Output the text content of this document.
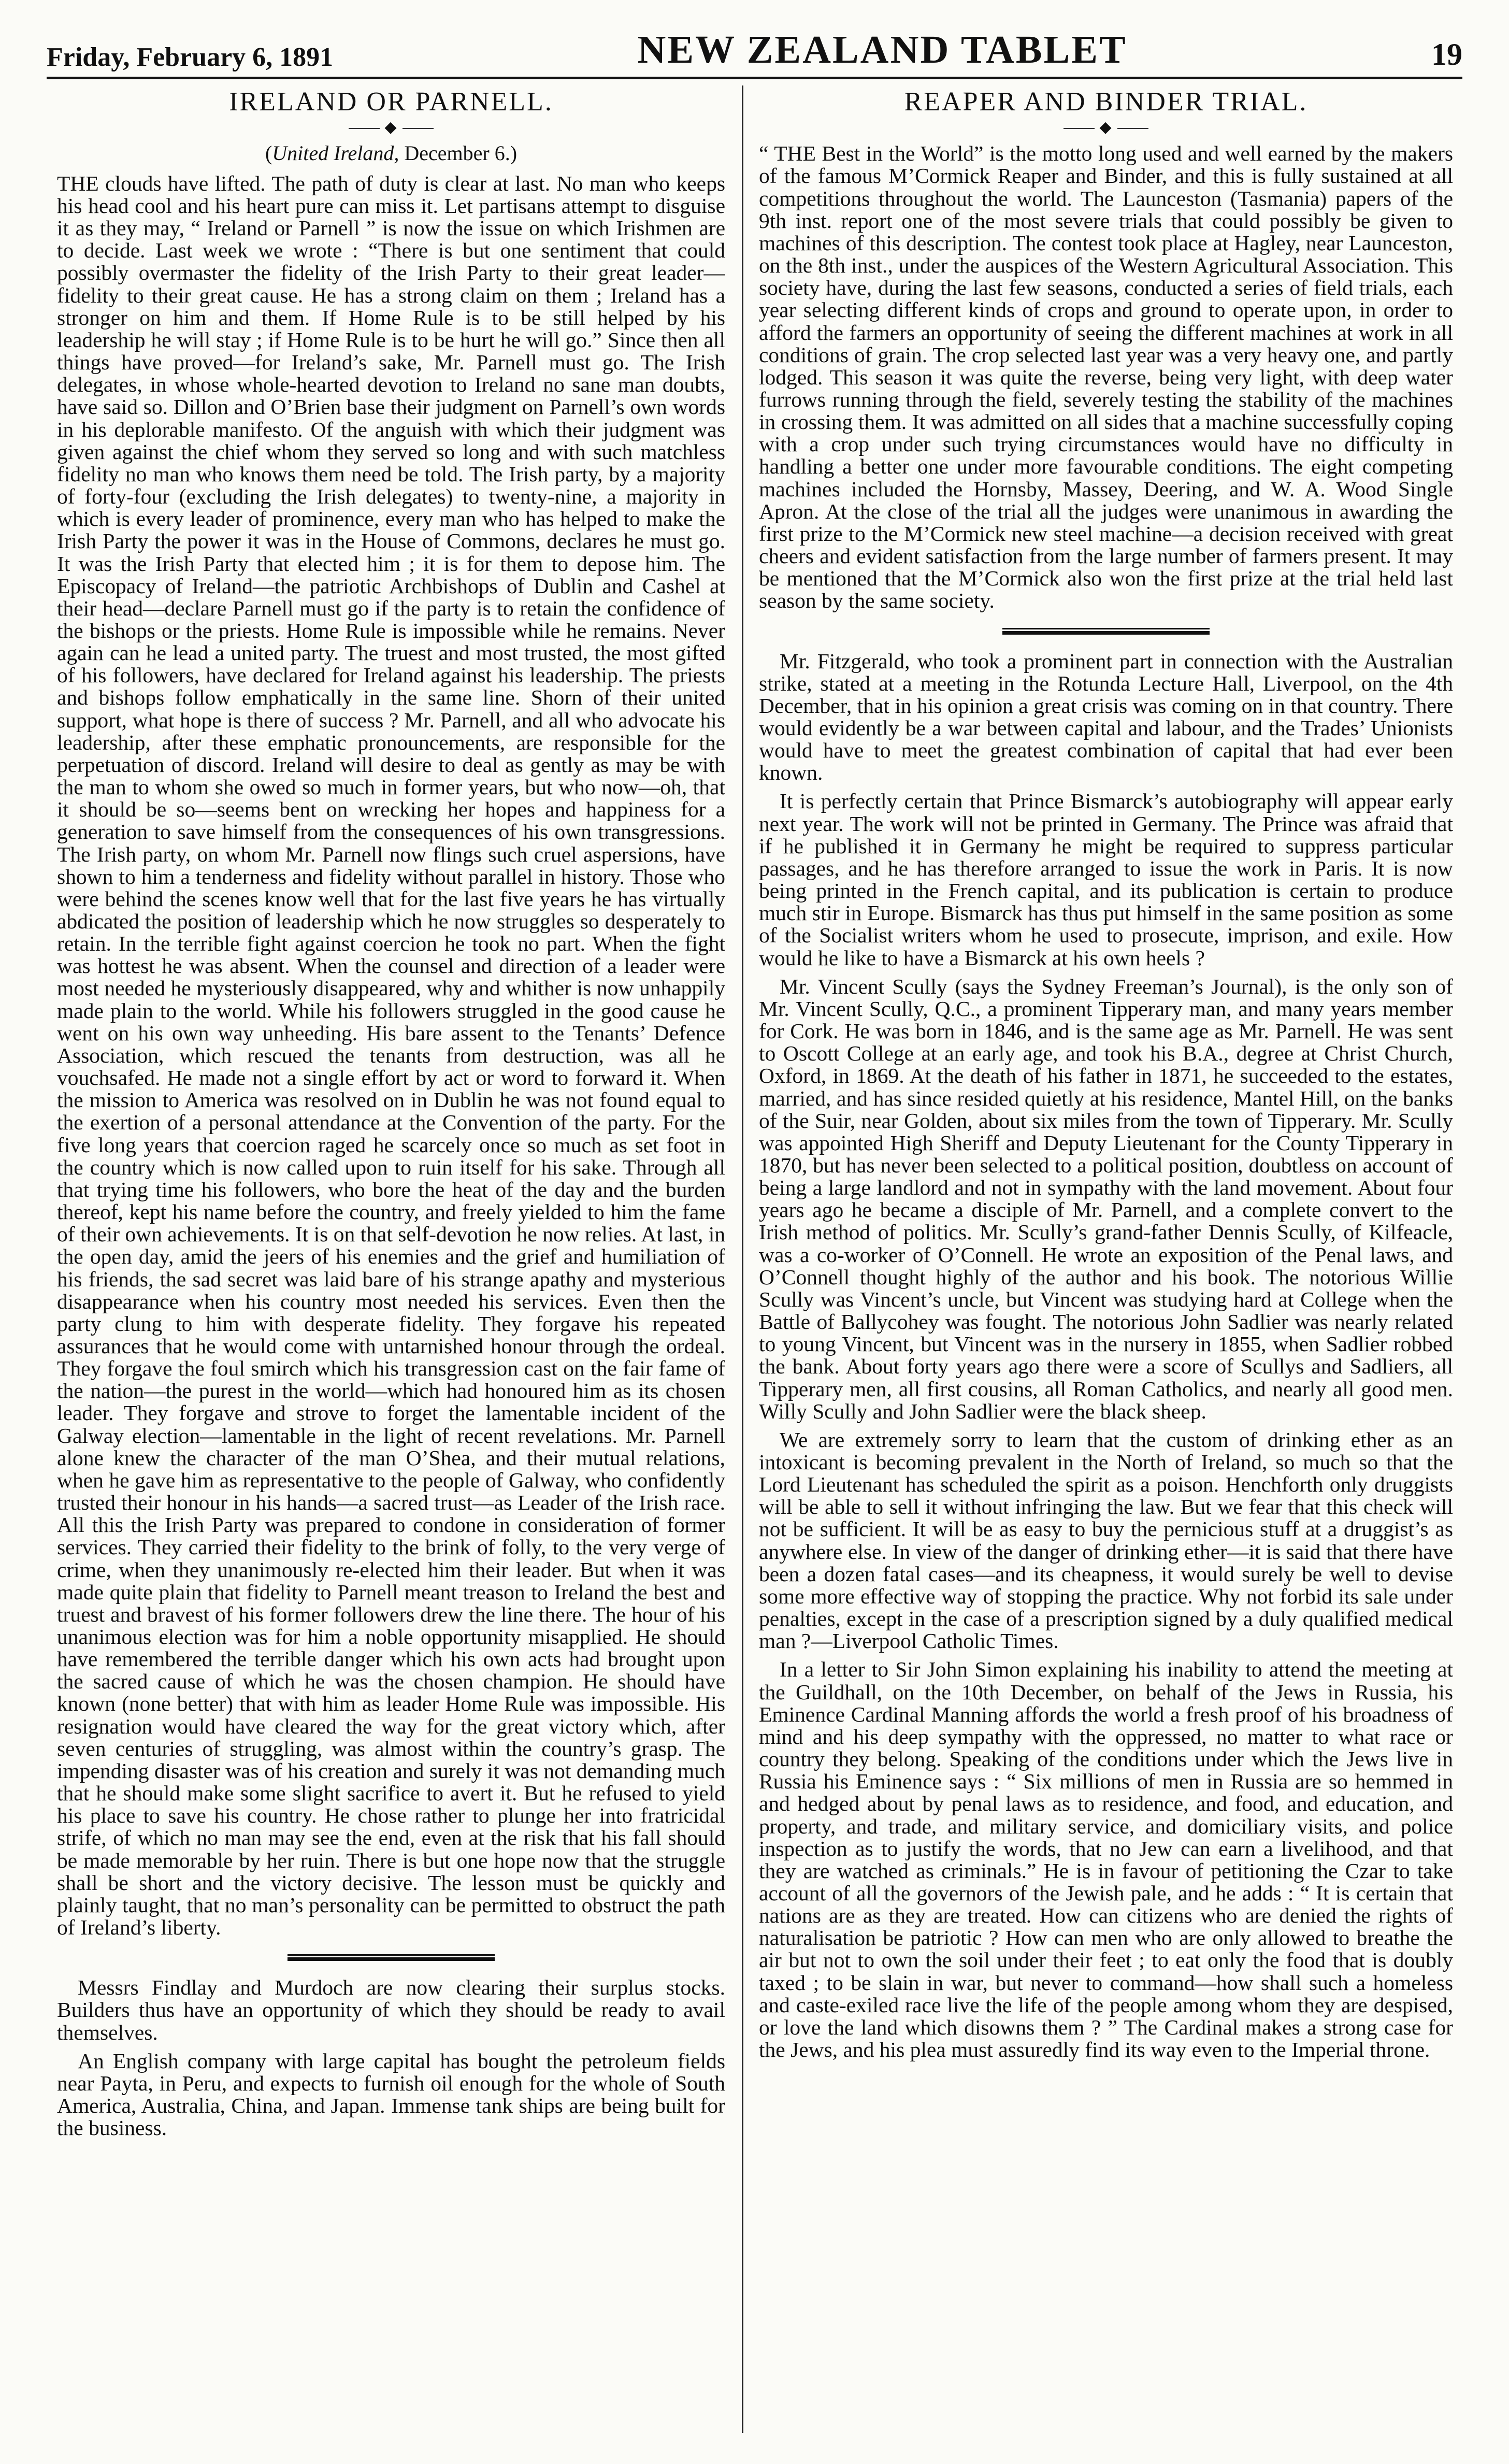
Friday, February 6, 1891	NEW ZEALAND TABLET	19
IRELAND OR PARNELL.
◆
(United Ireland, December 6.)

THE clouds have lifted. The path of duty is clear at last. No man who keeps his head cool and his heart pure can miss it. Let partisans attempt to disguise it as they may, “ Ireland or Parnell ” is now the issue on which Irishmen are to decide. Last week we wrote : “There is but one sentiment that could possibly overmaster the fidelity of the Irish Party to their great leader—fidelity to their great cause. He has a strong claim on them ; Ireland has a stronger on him and them. If Home Rule is to be still helped by his leadership he will stay ; if Home Rule is to be hurt he will go.” Since then all things have proved—for Ireland’s sake, Mr. Parnell must go. The Irish delegates, in whose whole-hearted devotion to Ireland no sane man doubts, have said so. Dillon and O’Brien base their judgment on Parnell’s own words in his deplorable manifesto. Of the anguish with which their judgment was given against the chief whom they served so long and with such matchless fidelity no man who knows them need be told. The Irish party, by a majority of forty-four (excluding the Irish delegates) to twenty-nine, a majority in which is every leader of prominence, every man who has helped to make the Irish Party the power it was in the House of Commons, declares he must go. It was the Irish Party that elected him ; it is for them to depose him. The Episcopacy of Ireland—the patriotic Archbishops of Dublin and Cashel at their head—declare Parnell must go if the party is to retain the confidence of the bishops or the priests. Home Rule is impossible while he remains. Never again can he lead a united party. The truest and most trusted, the most gifted of his followers, have declared for Ireland against his leadership. The priests and bishops follow emphatically in the same line. Shorn of their united support, what hope is there of success ? Mr. Parnell, and all who advocate his leadership, after these emphatic pronouncements, are responsible for the perpetuation of discord. Ireland will desire to deal as gently as may be with the man to whom she owed so much in former years, but who now—oh, that it should be so—seems bent on wrecking her hopes and happiness for a generation to save himself from the consequences of his own transgressions. The Irish party, on whom Mr. Parnell now flings such cruel aspersions, have shown to him a tenderness and fidelity without parallel in history. Those who were behind the scenes know well that for the last five years he has virtually abdicated the position of leadership which he now struggles so desperately to retain. In the terrible fight against coercion he took no part. When the fight was hottest he was absent. When the counsel and direction of a leader were most needed he mysteriously disappeared, why and whither is now unhappily made plain to the world. While his followers struggled in the good cause he went on his own way unheeding. His bare assent to the Tenants’ Defence Association, which rescued the tenants from destruction, was all he vouchsafed. He made not a single effort by act or word to forward it. When the mission to America was resolved on in Dublin he was not found equal to the exertion of a personal attendance at the Convention of the party. For the five long years that coercion raged he scarcely once so much as set foot in the country which is now called upon to ruin itself for his sake. Through all that trying time his followers, who bore the heat of the day and the burden thereof, kept his name before the country, and freely yielded to him the fame of their own achievements. It is on that self-devotion he now relies. At last, in the open day, amid the jeers of his enemies and the grief and humiliation of his friends, the sad secret was laid bare of his strange apathy and mysterious disappearance when his country most needed his services. Even then the party clung to him with desperate fidelity. They forgave his repeated assurances that he would come with untarnished honour through the ordeal. They forgave the foul smirch which his transgression cast on the fair fame of the nation—the purest in the world—which had honoured him as its chosen leader. They forgave and strove to forget the lamentable incident of the Galway election—lamentable in the light of recent revelations. Mr. Parnell alone knew the character of the man O’Shea, and their mutual relations, when he gave him as representative to the people of Galway, who confidently trusted their honour in his hands—a sacred trust—as Leader of the Irish race. All this the Irish Party was prepared to condone in consideration of former services. They carried their fidelity to the brink of folly, to the very verge of crime, when they unanimously re-elected him their leader. But when it was made quite plain that fidelity to Parnell meant treason to Ireland the best and truest and bravest of his former followers drew the line there. The hour of his unanimous election was for him a noble opportunity misapplied. He should have remembered the terrible danger which his own acts had brought upon the sacred cause of which he was the chosen champion. He should have known (none better) that with him as leader Home Rule was impossible. His resignation would have cleared the way for the great victory which, after seven centuries of struggling, was almost within the country’s grasp. The impending disaster was of his creation and surely it was not demanding much that he should make some slight sacrifice to avert it. But he refused to yield his place to save his country. He chose rather to plunge her into fratricidal strife, of which no man may see the end, even at the risk that his fall should be made memorable by her ruin. There is but one hope now that the struggle shall be short and the victory decisive. The lesson must be quickly and plainly taught, that no man’s personality can be permitted to obstruct the path of Ireland’s liberty.

Messrs Findlay and Murdoch are now clearing their surplus stocks. Builders thus have an opportunity of which they should be ready to avail themselves.

An English company with large capital has bought the petroleum fields near Payta, in Peru, and expects to furnish oil enough for the whole of South America, Australia, China, and Japan. Immense tank ships are being built for the business.

REAPER AND BINDER TRIAL.
◆

“ THE Best in the World” is the motto long used and well earned by the makers of the famous M’Cormick Reaper and Binder, and this is fully sustained at all competitions throughout the world. The Launceston (Tasmania) papers of the 9th inst. report one of the most severe trials that could possibly be given to machines of this description. The contest took place at Hagley, near Launceston, on the 8th inst., under the auspices of the Western Agricultural Association. This society have, during the last few seasons, conducted a series of field trials, each year selecting different kinds of crops and ground to operate upon, in order to afford the farmers an opportunity of seeing the different machines at work in all conditions of grain. The crop selected last year was a very heavy one, and partly lodged. This season it was quite the reverse, being very light, with deep water furrows running through the field, severely testing the stability of the machines in crossing them. It was admitted on all sides that a machine successfully coping with a crop under such trying circumstances would have no difficulty in handling a better one under more favourable conditions. The eight competing machines included the Hornsby, Massey, Deering, and W. A. Wood Single Apron. At the close of the trial all the judges were unanimous in awarding the first prize to the M’Cormick new steel machine—a decision received with great cheers and evident satisfaction from the large number of farmers present. It may be mentioned that the M’Cormick also won the first prize at the trial held last season by the same society.

Mr. Fitzgerald, who took a prominent part in connection with the Australian strike, stated at a meeting in the Rotunda Lecture Hall, Liverpool, on the 4th December, that in his opinion a great crisis was coming on in that country. There would evidently be a war between capital and labour, and the Trades’ Unionists would have to meet the greatest combination of capital that had ever been known.

It is perfectly certain that Prince Bismarck’s autobiography will appear early next year. The work will not be printed in Germany. The Prince was afraid that if he published it in Germany he might be required to suppress particular passages, and he has therefore arranged to issue the work in Paris. It is now being printed in the French capital, and its publication is certain to produce much stir in Europe. Bismarck has thus put himself in the same position as some of the Socialist writers whom he used to prosecute, imprison, and exile. How would he like to have a Bismarck at his own heels ?

Mr. Vincent Scully (says the Sydney Freeman’s Journal), is the only son of Mr. Vincent Scully, Q.C., a prominent Tipperary man, and many years member for Cork. He was born in 1846, and is the same age as Mr. Parnell. He was sent to Oscott College at an early age, and took his B.A., degree at Christ Church, Oxford, in 1869. At the death of his father in 1871, he succeeded to the estates, married, and has since resided quietly at his residence, Mantel Hill, on the banks of the Suir, near Golden, about six miles from the town of Tipperary. Mr. Scully was appointed High Sheriff and Deputy Lieutenant for the County Tipperary in 1870, but has never been selected to a political position, doubtless on account of being a large landlord and not in sympathy with the land movement. About four years ago he became a disciple of Mr. Parnell, and a complete convert to the Irish method of politics. Mr. Scully’s grand-father Dennis Scully, of Kilfeacle, was a co-worker of O’Connell. He wrote an exposition of the Penal laws, and O’Connell thought highly of the author and his book. The notorious Willie Scully was Vincent’s uncle, but Vincent was studying hard at College when the Battle of Ballycohey was fought. The notorious John Sadlier was nearly related to young Vincent, but Vincent was in the nursery in 1855, when Sadlier robbed the bank. About forty years ago there were a score of Scullys and Sadliers, all Tipperary men, all first cousins, all Roman Catholics, and nearly all good men. Willy Scully and John Sadlier were the black sheep.

We are extremely sorry to learn that the custom of drinking ether as an intoxicant is becoming prevalent in the North of Ireland, so much so that the Lord Lieutenant has scheduled the spirit as a poison. Henchforth only druggists will be able to sell it without infringing the law. But we fear that this check will not be sufficient. It will be as easy to buy the pernicious stuff at a druggist’s as anywhere else. In view of the danger of drinking ether—it is said that there have been a dozen fatal cases—and its cheapness, it would surely be well to devise some more effective way of stopping the practice. Why not forbid its sale under penalties, except in the case of a prescription signed by a duly qualified medical man ?—Liverpool Catholic Times.

In a letter to Sir John Simon explaining his inability to attend the meeting at the Guildhall, on the 10th December, on behalf of the Jews in Russia, his Eminence Cardinal Manning affords the world a fresh proof of his broadness of mind and his deep sympathy with the oppressed, no matter to what race or country they belong. Speaking of the conditions under which the Jews live in Russia his Eminence says : “ Six millions of men in Russia are so hemmed in and hedged about by penal laws as to residence, and food, and education, and property, and trade, and military service, and domiciliary visits, and police inspection as to justify the words, that no Jew can earn a livelihood, and that they are watched as criminals.” He is in favour of petitioning the Czar to take account of all the governors of the Jewish pale, and he adds : “ It is certain that nations are as they are treated. How can citizens who are denied the rights of naturalisation be patriotic ? How can men who are only allowed to breathe the air but not to own the soil under their feet ; to eat only the food that is doubly taxed ; to be slain in war, but never to command—how shall such a homeless and caste-exiled race live the life of the people among whom they are despised, or love the land which disowns them ? ” The Cardinal makes a strong case for the Jews, and his plea must assuredly find its way even to the Imperial throne.
